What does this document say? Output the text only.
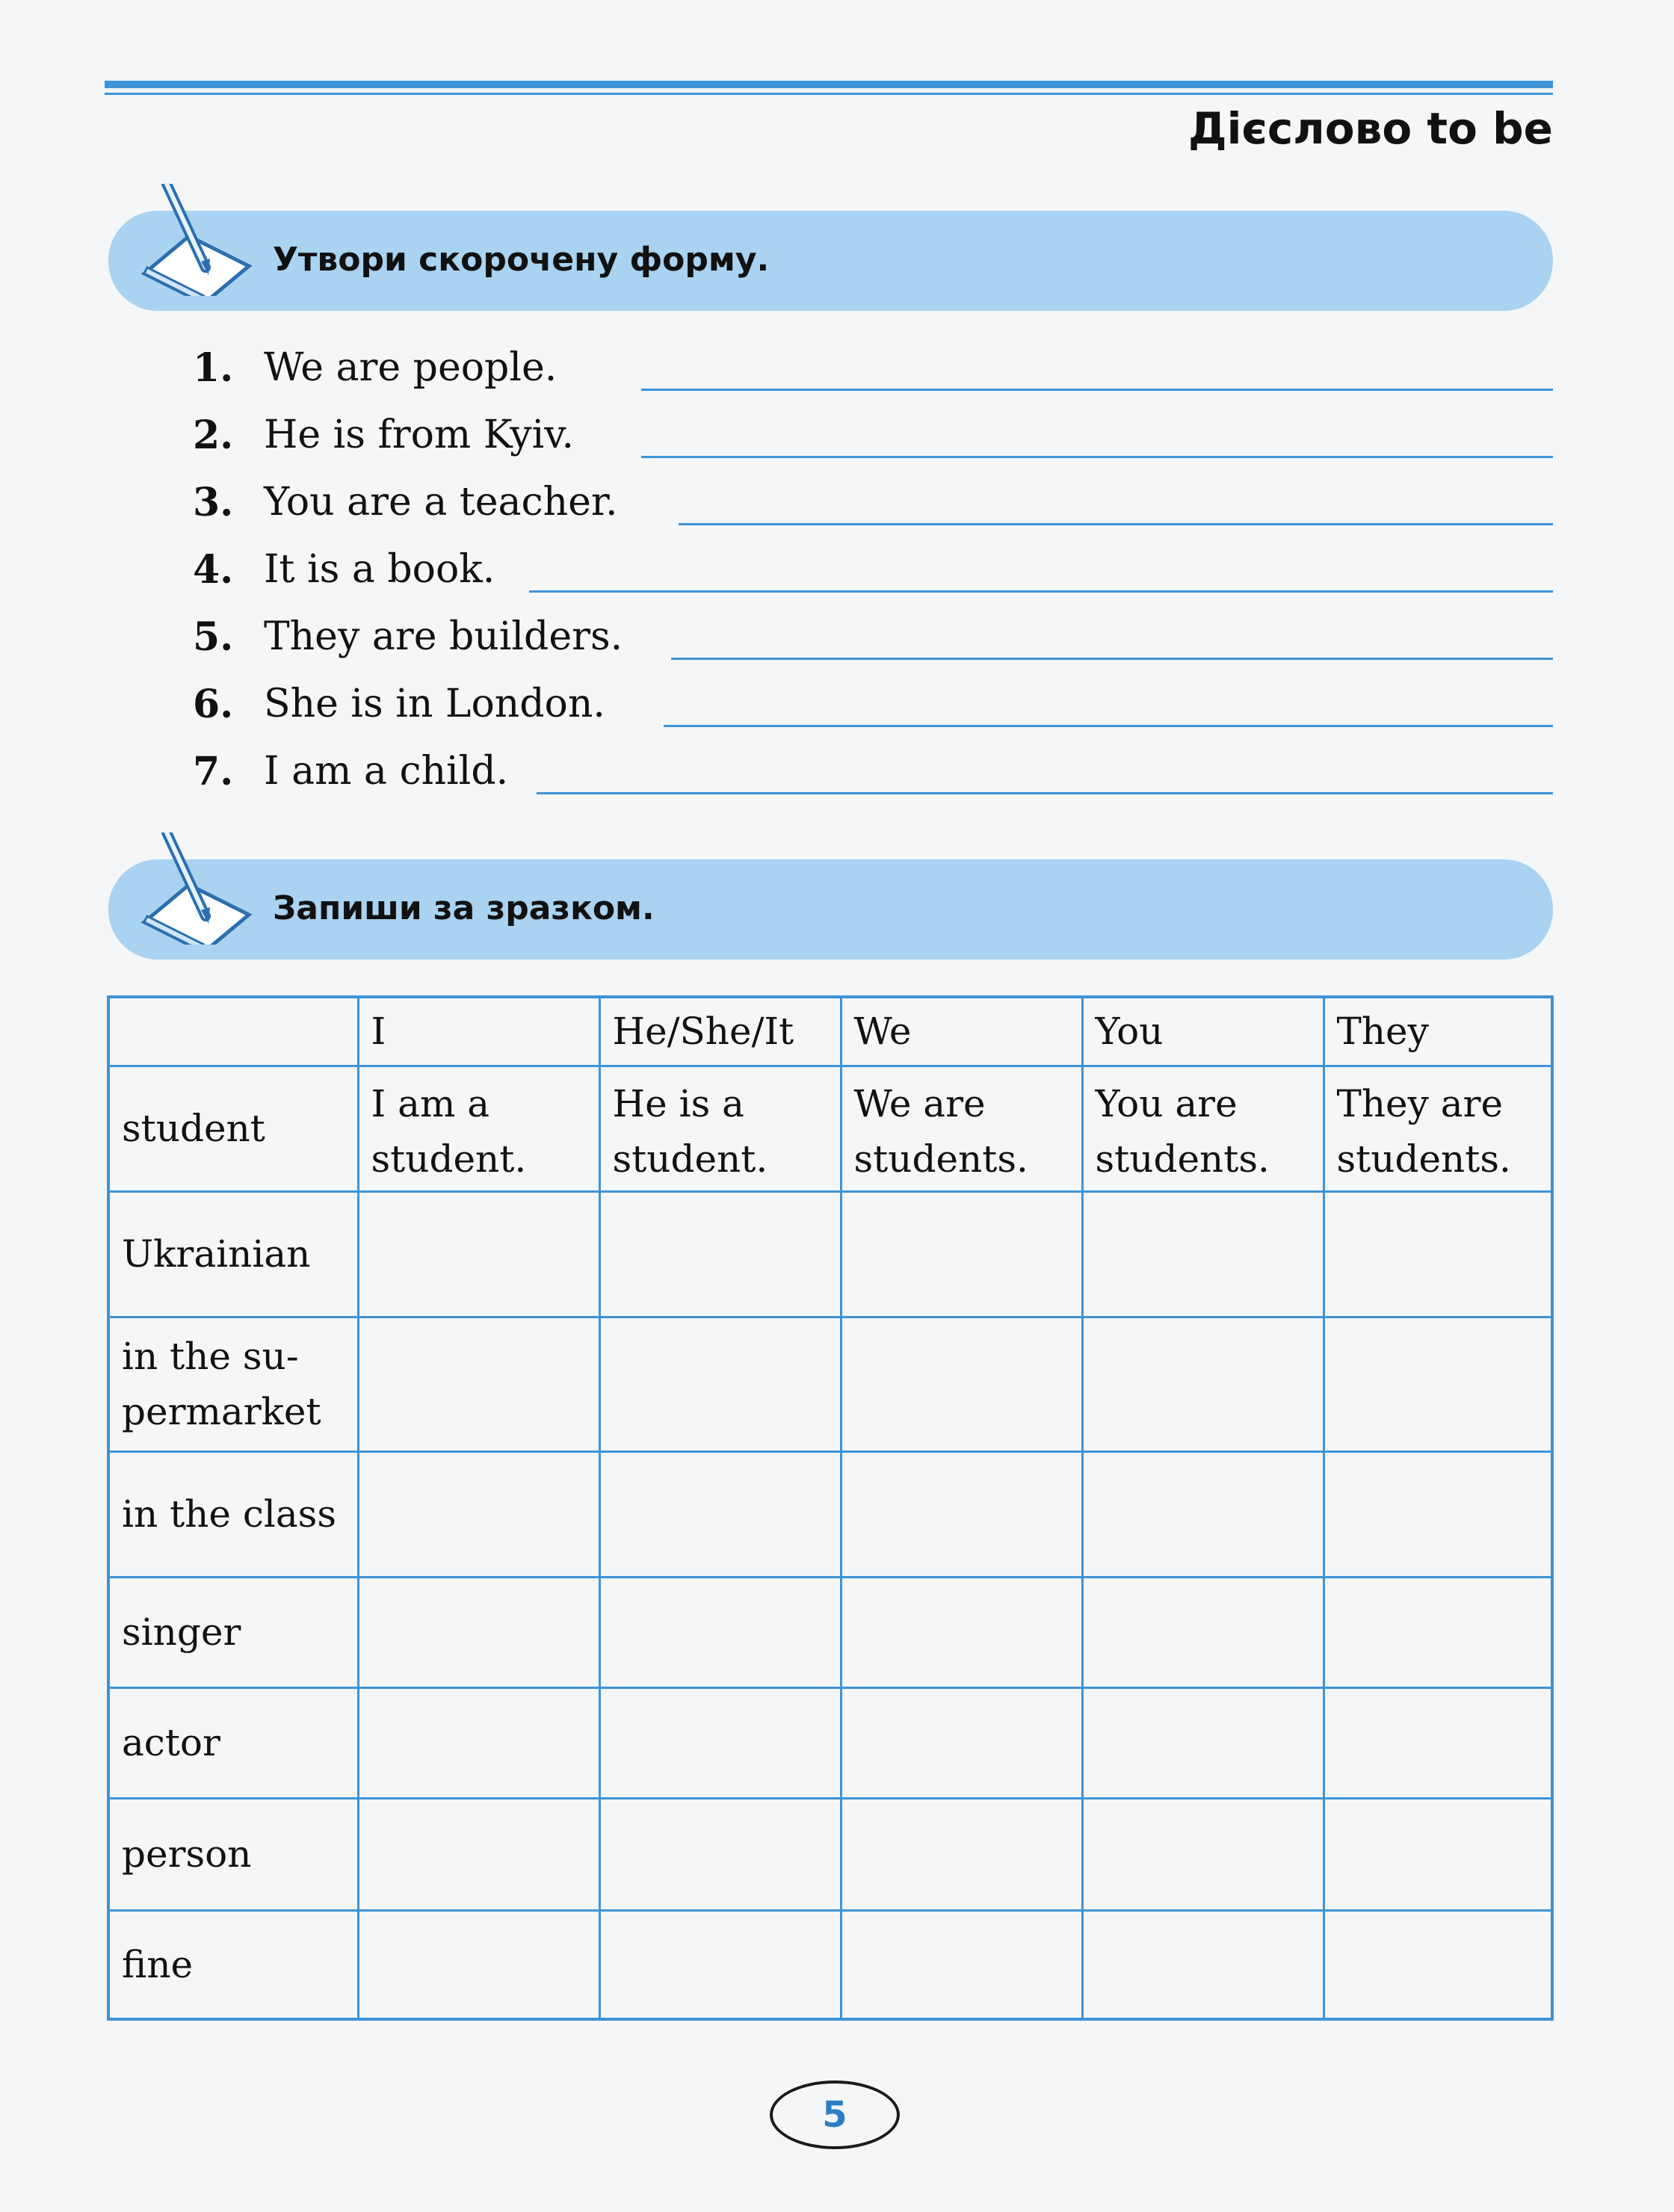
Дієслово to be
Утвори скорочену форму.
1. We are people.
2. He is from Kyiv.
3. You are a teacher.
4. It is a book.
5. They are builders.
6. She is in London.
7. I am a child.
Запиши за зразком.
	I	He/She/It	We	You	They
student	I am a student.	He is a student.	We are students.	You are students.	They are students.
Ukrainian					
in the su-permarket					
in the class					
singer					
actor					
person					
fine					
5
